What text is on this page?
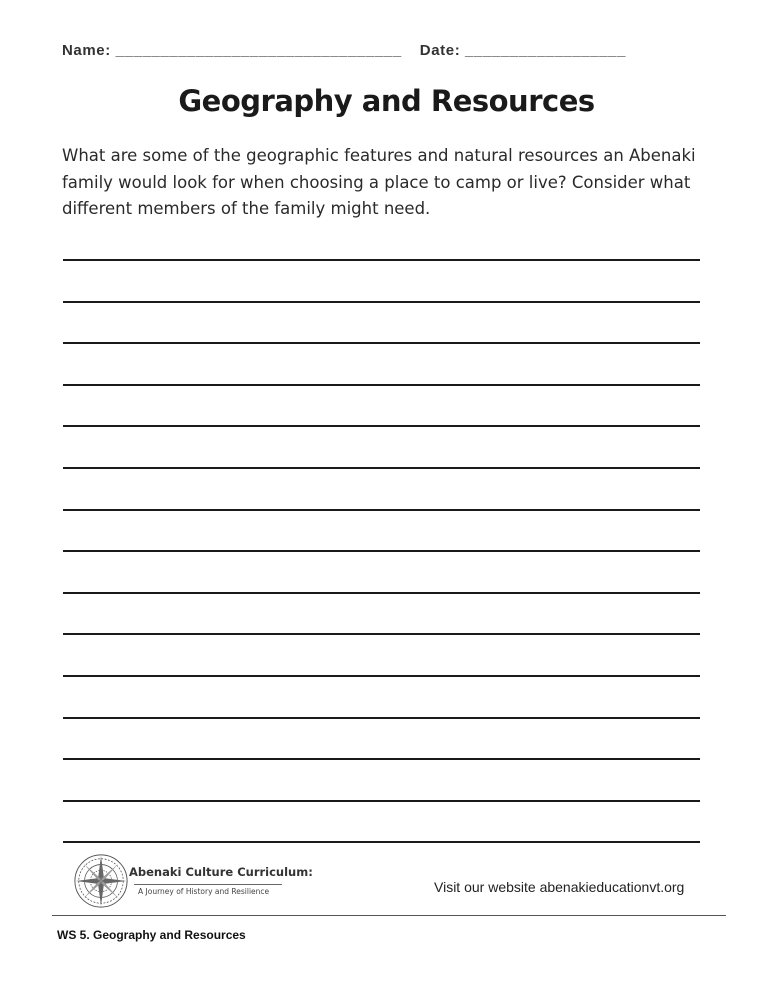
Name: ________________________________ Date: __________________
Geography and Resources

What are some of the geographic features and natural resources an Abenaki family would look for when choosing a place to camp or live? Consider what different members of the family might need.

Abenaki Culture Curriculum:
A Journey of History and Resilience	Visit our website abenakieducationvt.org
WS 5. Geography and Resources
